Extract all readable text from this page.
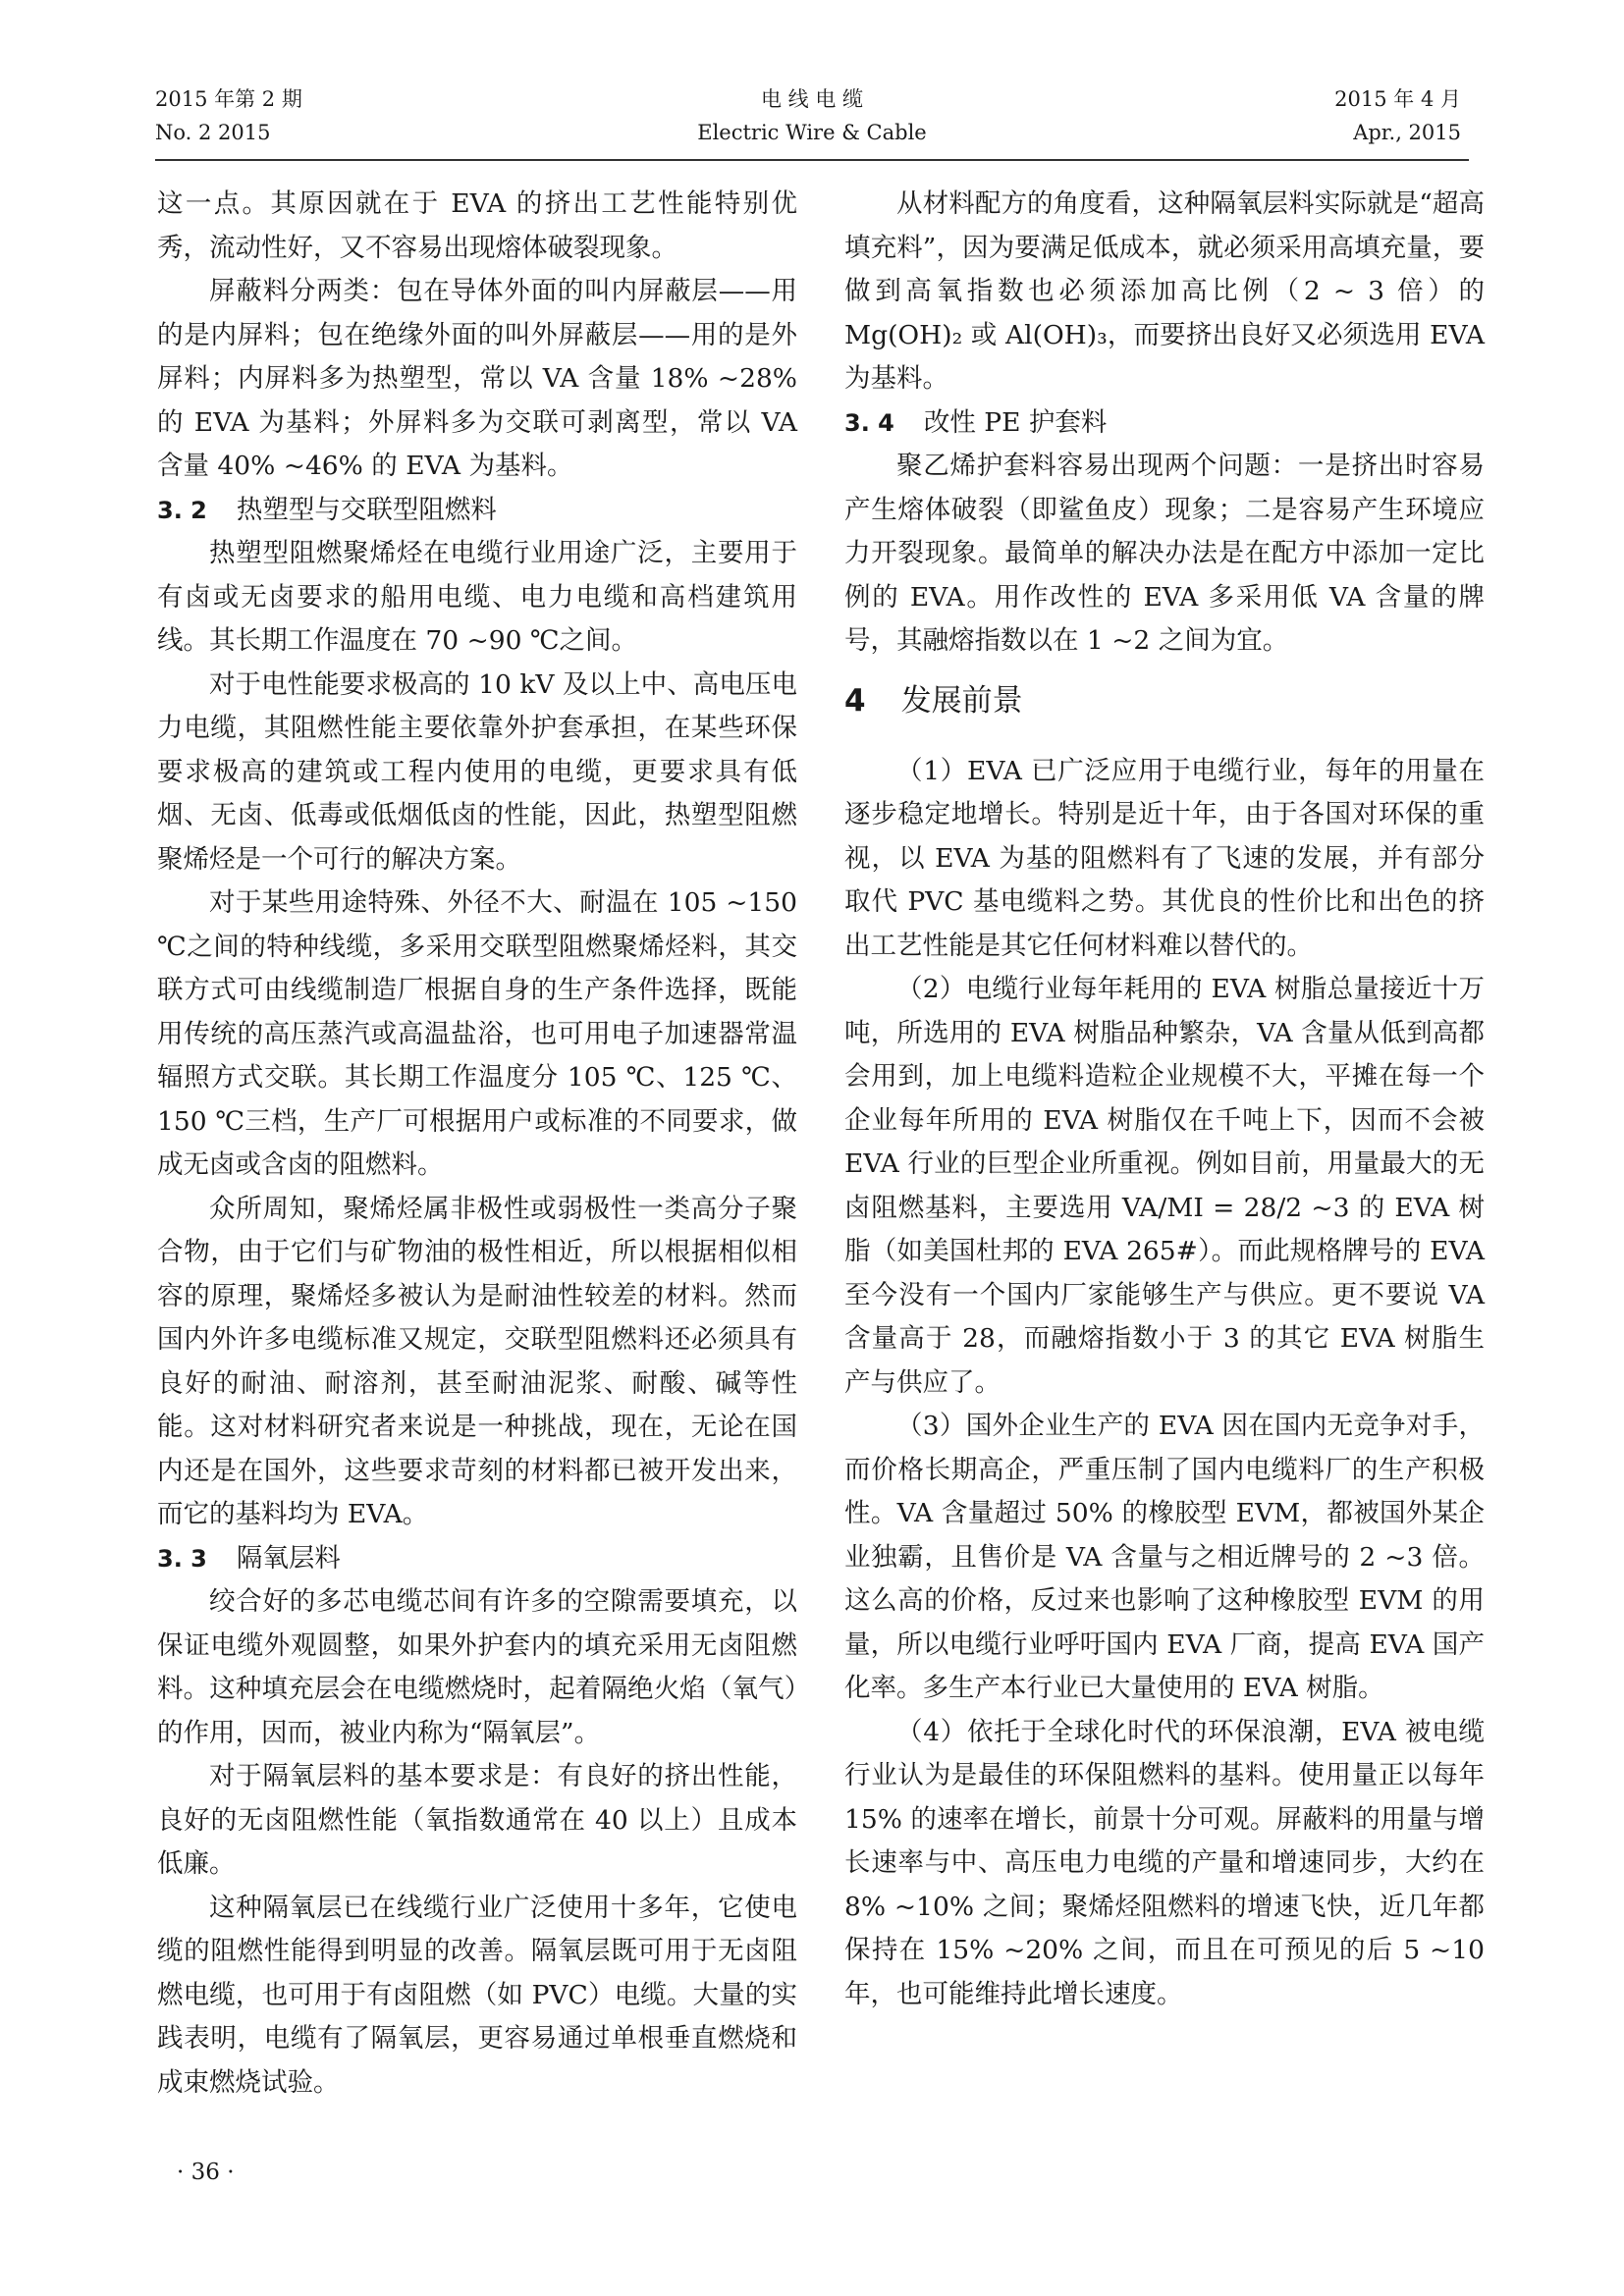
2015 年第 2 期
No. 2 2015
电 线 电 缆
Electric Wire & Cable
2015 年 4 月
Apr., 2015

这一点。其原因就在于 EVA 的挤出工艺性能特别优秀，流动性好，又不容易出现熔体破裂现象。

屏蔽料分两类：包在导体外面的叫内屏蔽层——用的是内屏料；包在绝缘外面的叫外屏蔽层——用的是外屏料；内屏料多为热塑型，常以 VA 含量 18% ~28% 的 EVA 为基料；外屏料多为交联可剥离型，常以 VA 含量 40% ~46% 的 EVA 为基料。

3. 2 热塑型与交联型阻燃料

热塑型阻燃聚烯烃在电缆行业用途广泛，主要用于有卤或无卤要求的船用电缆、电力电缆和高档建筑用线。其长期工作温度在 70 ~90 ℃之间。

对于电性能要求极高的 10 kV 及以上中、高电压电力电缆，其阻燃性能主要依靠外护套承担，在某些环保要求极高的建筑或工程内使用的电缆，更要求具有低烟、无卤、低毒或低烟低卤的性能，因此，热塑型阻燃聚烯烃是一个可行的解决方案。

对于某些用途特殊、外径不大、耐温在 105 ~150 ℃之间的特种线缆，多采用交联型阻燃聚烯烃料，其交联方式可由线缆制造厂根据自身的生产条件选择，既能用传统的高压蒸汽或高温盐浴，也可用电子加速器常温辐照方式交联。其长期工作温度分 105 ℃、125 ℃、150 ℃三档，生产厂可根据用户或标准的不同要求，做成无卤或含卤的阻燃料。

众所周知，聚烯烃属非极性或弱极性一类高分子聚合物，由于它们与矿物油的极性相近，所以根据相似相容的原理，聚烯烃多被认为是耐油性较差的材料。然而国内外许多电缆标准又规定，交联型阻燃料还必须具有良好的耐油、耐溶剂，甚至耐油泥浆、耐酸、碱等性能。这对材料研究者来说是一种挑战，现在，无论在国内还是在国外，这些要求苛刻的材料都已被开发出来，而它的基料均为 EVA。

3. 3 隔氧层料

绞合好的多芯电缆芯间有许多的空隙需要填充，以保证电缆外观圆整，如果外护套内的填充采用无卤阻燃料。这种填充层会在电缆燃烧时，起着隔绝火焰（氧气）的作用，因而，被业内称为“隔氧层”。

对于隔氧层料的基本要求是：有良好的挤出性能，良好的无卤阻燃性能（氧指数通常在 40 以上）且成本低廉。

这种隔氧层已在线缆行业广泛使用十多年，它使电缆的阻燃性能得到明显的改善。隔氧层既可用于无卤阻燃电缆，也可用于有卤阻燃（如 PVC）电缆。大量的实践表明，电缆有了隔氧层，更容易通过单根垂直燃烧和成束燃烧试验。

从材料配方的角度看，这种隔氧层料实际就是“超高填充料”，因为要满足低成本，就必须采用高填充量，要做到高氧指数也必须添加高比例（2 ~ 3 倍）的 Mg(OH)₂ 或 Al(OH)₃，而要挤出良好又必须选用 EVA 为基料。

3. 4 改性 PE 护套料

聚乙烯护套料容易出现两个问题：一是挤出时容易产生熔体破裂（即鲨鱼皮）现象；二是容易产生环境应力开裂现象。最简单的解决办法是在配方中添加一定比例的 EVA。用作改性的 EVA 多采用低 VA 含量的牌号，其融熔指数以在 1 ~2 之间为宜。

4 发展前景

（1）EVA 已广泛应用于电缆行业，每年的用量在逐步稳定地增长。特别是近十年，由于各国对环保的重视，以 EVA 为基的阻燃料有了飞速的发展，并有部分取代 PVC 基电缆料之势。其优良的性价比和出色的挤出工艺性能是其它任何材料难以替代的。

（2）电缆行业每年耗用的 EVA 树脂总量接近十万吨，所选用的 EVA 树脂品种繁杂，VA 含量从低到高都会用到，加上电缆料造粒企业规模不大，平摊在每一个企业每年所用的 EVA 树脂仅在千吨上下，因而不会被 EVA 行业的巨型企业所重视。例如目前，用量最大的无卤阻燃基料，主要选用 VA/MI = 28/2 ~3 的 EVA 树脂（如美国杜邦的 EVA 265#）。而此规格牌号的 EVA 至今没有一个国内厂家能够生产与供应。更不要说 VA 含量高于 28，而融熔指数小于 3 的其它 EVA 树脂生产与供应了。

（3）国外企业生产的 EVA 因在国内无竞争对手，而价格长期高企，严重压制了国内电缆料厂的生产积极性。VA 含量超过 50% 的橡胶型 EVM，都被国外某企业独霸，且售价是 VA 含量与之相近牌号的 2 ~3 倍。这么高的价格，反过来也影响了这种橡胶型 EVM 的用量，所以电缆行业呼吁国内 EVA 厂商，提高 EVA 国产化率。多生产本行业已大量使用的 EVA 树脂。

（4）依托于全球化时代的环保浪潮，EVA 被电缆行业认为是最佳的环保阻燃料的基料。使用量正以每年 15% 的速率在增长，前景十分可观。屏蔽料的用量与增长速率与中、高压电力电缆的产量和增速同步，大约在 8% ~10% 之间；聚烯烃阻燃料的增速飞快，近几年都保持在 15% ~20% 之间，而且在可预见的后 5 ~10 年，也可能维持此增长速度。

· 36 ·
